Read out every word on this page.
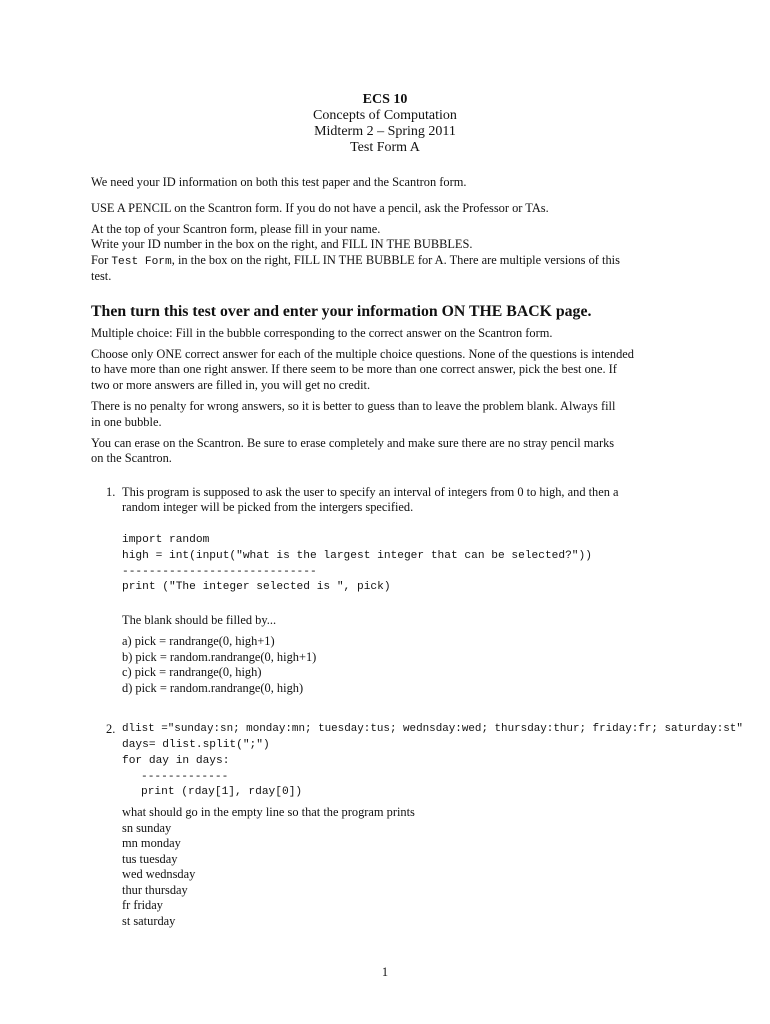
ECS 10
Concepts of Computation
Midterm 2 – Spring 2011
Test Form A
We need your ID information on both this test paper and the Scantron form.
USE A PENCIL on the Scantron form. If you do not have a pencil, ask the Professor or TAs.
At the top of your Scantron form, please fill in your name.
Write your ID number in the box on the right, and FILL IN THE BUBBLES.
For Test Form, in the box on the right, FILL IN THE BUBBLE for A. There are multiple versions of this
test.
Then turn this test over and enter your information ON THE BACK page.
Multiple choice: Fill in the bubble corresponding to the correct answer on the Scantron form.
Choose only ONE correct answer for each of the multiple choice questions. None of the questions is intended
to have more than one right answer. If there seem to be more than one correct answer, pick the best one. If
two or more answers are filled in, you will get no credit.
There is no penalty for wrong answers, so it is better to guess than to leave the problem blank. Always fill
in one bubble.
You can erase on the Scantron. Be sure to erase completely and make sure there are no stray pencil marks
on the Scantron.
1. This program is supposed to ask the user to specify an interval of integers from 0 to high, and then a
random integer will be picked from the intergers specified.
import random
high = int(input("what is the largest integer that can be selected?"))
-----------------------------
print ("The integer selected is ", pick)
The blank should be filled by...
a) pick = randrange(0, high+1)
b) pick = random.randrange(0, high+1)
c) pick = randrange(0, high)
d) pick = random.randrange(0, high)
2. dlist ="sunday:sn; monday:mn; tuesday:tus; wednsday:wed; thursday:thur; friday:fr; saturday:st"
days= dlist.split(";")
for day in days:
-------------
print (rday[1], rday[0])
what should go in the empty line so that the program prints
sn sunday
mn monday
tus tuesday
wed wednsday
thur thursday
fr friday
st saturday
1
